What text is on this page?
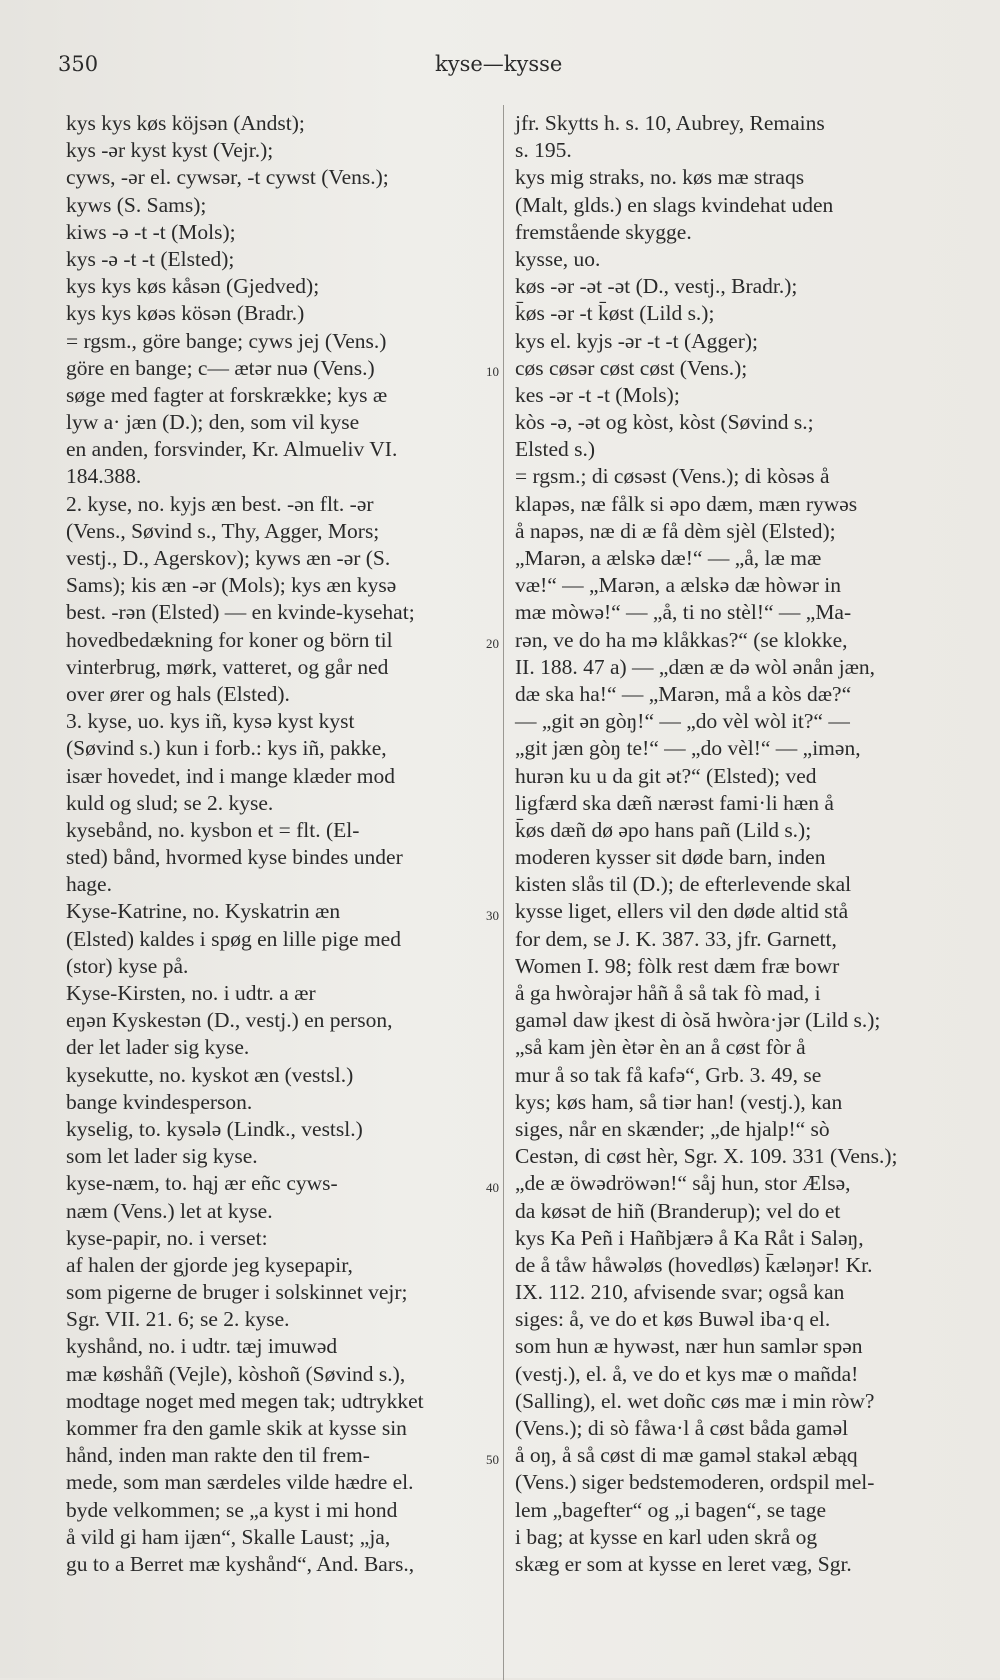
350	kyse—kysse
kys kys køs köjsən (Andst);
kys -ər kyst kyst (Vejr.);
cyws, -ər el. cywsər, -t cywst (Vens.);
kyws (S. Sams);
kiws -ə -t -t (Mols);
kys -ə -t -t (Elsted);
kys kys køs kåsən (Gjedved);
kys kys køəs kösən (Bradr.)
= rgsm., göre bange; cyws jej (Vens.)
göre en bange; c— ætər nuə (Vens.)
søge med fagter at forskrække; kys æ
lyw a· jæn (D.); den, som vil kyse
en anden, forsvinder, Kr. Almueliv VI.
184.388.
2. kyse, no. kyjs æn best. -ən flt. -ər
(Vens., Søvind s., Thy, Agger, Mors;
vestj., D., Agerskov); kyws æn -ər (S.
Sams); kis æn -ər (Mols); kys æn kysə
best. -rən (Elsted) — en kvinde-kysehat;
hovedbedækning for koner og börn til
vinterbrug, mørk, vatteret, og går ned
over ører og hals (Elsted).
3. kyse, uo. kys iñ, kysə kyst kyst
(Søvind s.) kun i forb.: kys iñ, pakke,
især hovedet, ind i mange klæder mod
kuld og slud; se 2. kyse.
kysebånd, no. kysbon et = flt. (El-
sted) bånd, hvormed kyse bindes under
hage.
Kyse-Katrine, no. Kyskatrin æn
(Elsted) kaldes i spøg en lille pige med
(stor) kyse på.
Kyse-Kirsten, no. i udtr. a ær
eŋən Kyskestən (D., vestj.) en person,
der let lader sig kyse.
kysekutte, no. kyskot æn (vestsl.)
bange kvindesperson.
kyselig, to. kysələ (Lindk., vestsl.)
som let lader sig kyse.
kyse-næm, to. hąj ær eñc cyws-
næm (Vens.) let at kyse.
kyse-papir, no. i verset:
af halen der gjorde jeg kysepapir,
som pigerne de bruger i solskinnet vejr;
Sgr. VII. 21. 6; se 2. kyse.
kyshånd, no. i udtr. tæj imuwəd
mæ køshåñ (Vejle), kòshoñ (Søvind s.),
modtage noget med megen tak; udtrykket
kommer fra den gamle skik at kysse sin
hånd, inden man rakte den til frem-
mede, som man særdeles vilde hædre el.
byde velkommen; se „a kyst i mi hond
å vild gi ham ijæn“, Skalle Laust; „ja,
gu to a Berret mæ kyshånd“, And. Bars.,
jfr. Skytts h. s. 10, Aubrey, Remains
s. 195.
kys mig straks, no. køs mæ straqs
(Malt, glds.) en slags kvindehat uden
fremstående skygge.
kysse, uo.
køs -ər -ət -ət (D., vestj., Bradr.);
k̄øs -ər -t k̄øst (Lild s.);
kys el. kyjs -ər -t -t (Agger);
cøs cøsər cøst cøst (Vens.);
kes -ər -t -t (Mols);
kòs -ə, -ət og kòst, kòst (Søvind s.;
Elsted s.)
= rgsm.; di cøsəst (Vens.); di kòsəs å
klapəs, næ fålk si əpo dæm, mæn rywəs
å napəs, næ di æ få dèm sjèl (Elsted);
„Marən, a ælskə dæ!“ — „å, læ mæ
væ!“ — „Marən, a ælskə dæ hòwər in
mæ mòwə!“ — „å, ti no stèl!“ — „Ma-
rən, ve do ha mə klåkkas?“ (se klokke,
II. 188. 47 a) — „dæn æ də wòl ənån jæn,
dæ ska ha!“ — „Marən, må a kòs dæ?“
— „git ən gòŋ!“ — „do vèl wòl it?“ —
„git jæn gòŋ te!“ — „do vèl!“ — „imən,
hurən ku u da git ət?“ (Elsted); ved
ligfærd ska dæñ nærəst fami·li hæn å
k̄øs dæñ dø əpo hans pañ (Lild s.);
moderen kysser sit døde barn, inden
kisten slås til (D.); de efterlevende skal
kysse liget, ellers vil den døde altid stå
for dem, se J. K. 387. 33, jfr. Garnett,
Women I. 98; fòlk rest dæm fræ bowr
å ga hwòrajər håñ å så tak fò mad, i
gaməl daw įkest di òsă hwòra·jər (Lild s.);
„så kam jèn ètər èn an å cøst fòr å
mur å so tak få kafə“, Grb. 3. 49, se
kys; køs ham, så tiər han! (vestj.), kan
siges, når en skænder; „de hjalp!“ sò
Cestən, di cøst hèr, Sgr. X. 109. 331 (Vens.);
„de æ öwədröwən!“ såj hun, stor Ælsə,
da køsət de hiñ (Branderup); vel do et
kys Ka Peñ i Hañbjærə å Ka Råt i Saləŋ,
de å tåw håwəløs (hovedløs) k̄æləŋər! Kr.
IX. 112. 210, afvisende svar; også kan
siges: å, ve do et køs Buwəl iba·q el.
som hun æ hywəst, nær hun samlər spən
(vestj.), el. å, ve do et kys mæ o mañda!
(Salling), el. wet doñc cøs mæ i min ròw?
(Vens.); di sò fåwa·l å cøst båda gaməl
å oŋ, å så cøst di mæ gaməl stakəl æbąq
(Vens.) siger bedstemoderen, ordspil mel-
lem „bagefter“ og „i bagen“, se tage
i bag; at kysse en karl uden skrå og
skæg er som at kysse en leret væg, Sgr.
10
20
30
40
50
